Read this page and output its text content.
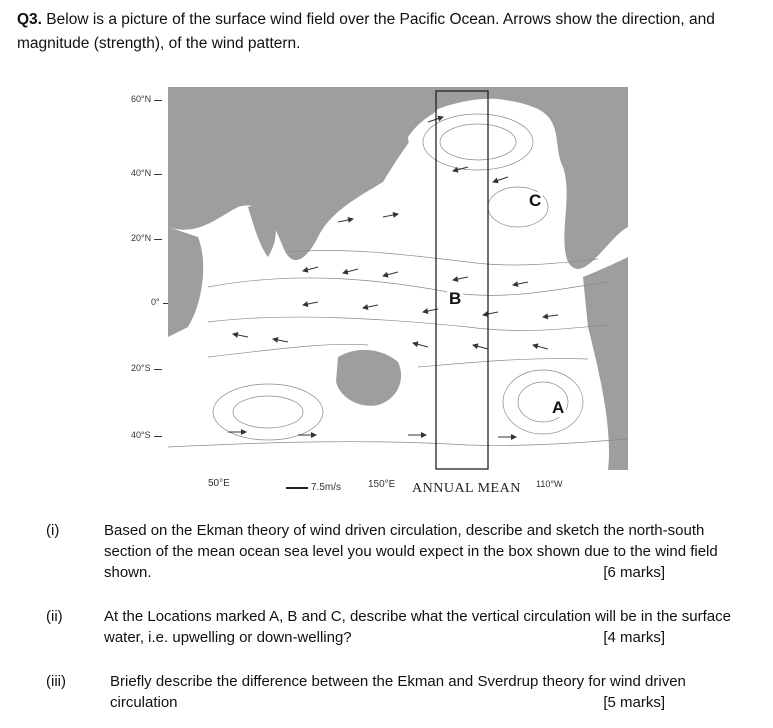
Q3. Below is a picture of the surface wind field over the Pacific Ocean. Arrows show the direction, and magnitude (strength), of the wind pattern.
60°N
40°N
20°N
0°
20°S
40°S
B
C
A
50°E	7.5m/s	150°E ANNUAL MEAN 110°W
(i)	Based on the Ekman theory of wind driven circulation, describe and sketch the north-south section of the mean ocean sea level you would expect in the box shown due to the wind field shown.	[6 marks]
(ii)	At the Locations marked A, B and C, describe what the vertical circulation will be in the surface water, i.e. upwelling or down-welling?	[4 marks]
(iii)	Briefly describe the difference between the Ekman and Sverdrup theory for wind driven circulation	[5 marks]
